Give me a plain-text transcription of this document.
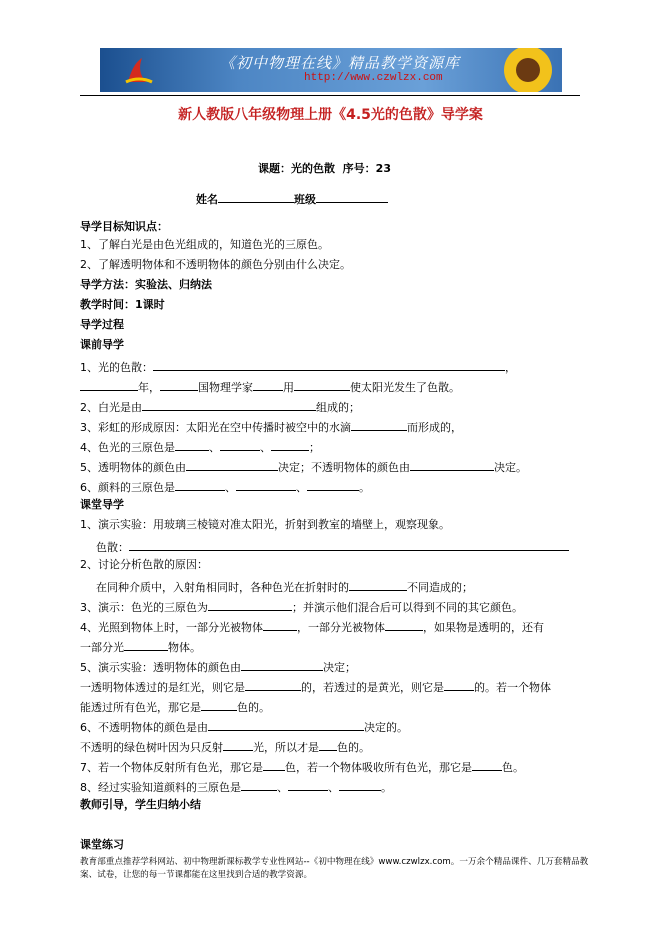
《初中物理在线》精品教学资源库
http://www.czwlzx.com
新人教版八年级物理上册《4.5光的色散》导学案
课题：光的色散 序号：23
姓名	班级
导学目标知识点：
1、了解白光是由色光组成的，知道色光的三原色。
2、了解透明物体和不透明物体的颜色分别由什么决定。
导学方法：实验法、归纳法
教学时间：1课时
导学过程
课前导学
1、光的色散：	，
年，	国物理学家	用	使太阳光发生了色散。
2、白光是由	组成的；
3、彩虹的形成原因：太阳光在空中传播时被空中的水滴	而形成的，
4、色光的三原色是	、	、	；
5、透明物体的颜色由	决定；不透明物体的颜色由	决定。
6、颜料的三原色是	、	、	。
课堂导学
1、演示实验：用玻璃三棱镜对准太阳光，折射到教室的墙壁上，观察现象。
色散：
2、讨论分析色散的原因：
在同种介质中，入射角相同时，各种色光在折射时的	不同造成的；
3、演示：色光的三原色为	；并演示他们混合后可以得到不同的其它颜色。
4、光照到物体上时，一部分光被物体	，一部分光被物体	，如果物是透明的，还有
一部分光	物体。
5、演示实验：透明物体的颜色由	决定；
一透明物体透过的是红光，则它是	的，若透过的是黄光，则它是	的。若一个物体
能透过所有色光，那它是	色的。
6、不透明物体的颜色是由	决定的。
不透明的绿色树叶因为只反射	光，所以才是 色的。
7、若一个物体反射所有色光，那它是 色，若一个物体吸收所有色光，那它是	色。
8、经过实验知道颜料的三原色是	、	、	。
教师引导，学生归纳小结
课堂练习
教育部重点推荐学科网站、初中物理新课标教学专业性网站--《初中物理在线》www.czwlzx.com。一万余个精品课件、几万套精品教案、试卷，让您的每一节课都能在这里找到合适的教学资源。
